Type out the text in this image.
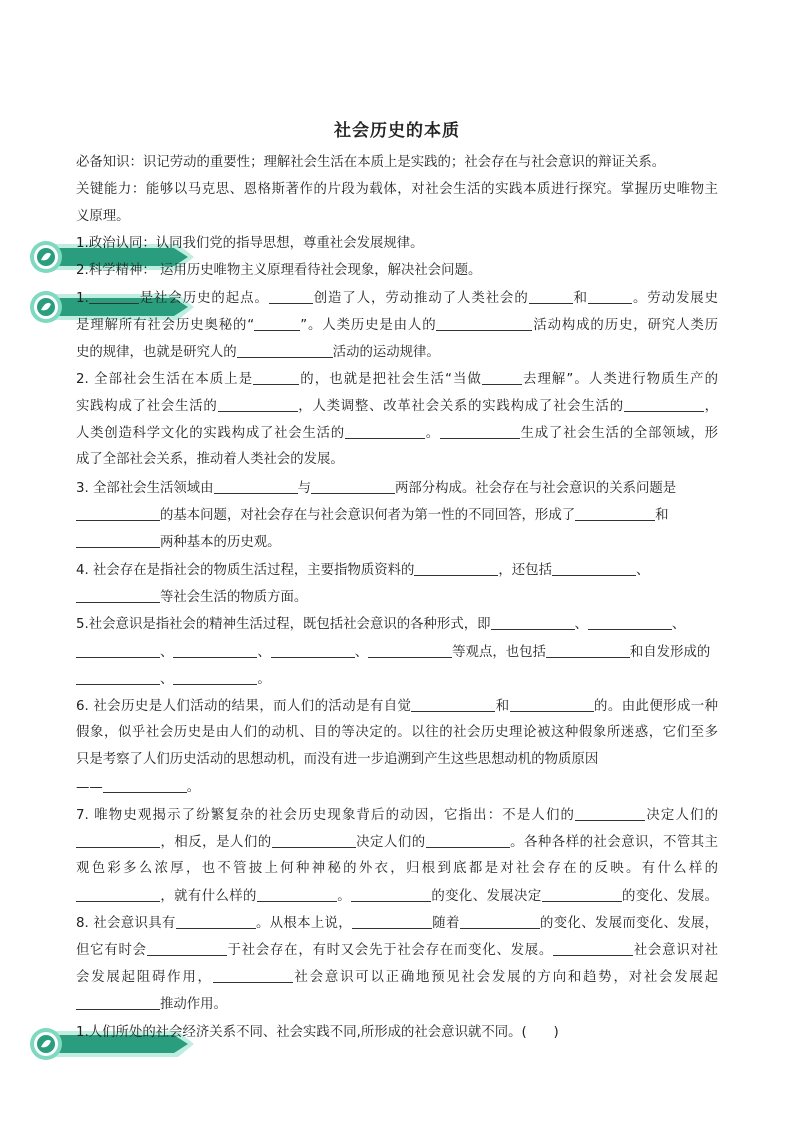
社会历史的本质
必备知识：识记劳动的重要性；理解社会生活在本质上是实践的；社会存在与社会意识的辩证关系。
关键能力：能够以马克思、恩格斯著作的片段为载体，对社会生活的实践本质进行探究。掌握历史唯物主
义原理。
1.政治认同：认同我们党的指导思想，尊重社会发展规律。
2.科学精神： 运用历史唯物主义原理看待社会现象，解决社会问题。
1.	是社会历史的起点。	创造了人，劳动推动了人类社会的	和	。劳动发展史
是理解所有社会历史奥秘的“	”。人类历史是由人的	活动构成的历史，研究人类历
史的规律，也就是研究人的	活动的运动规律。
2. 全部社会生活在本质上是	的，也就是把社会生活“当做	去理解”。人类进行物质生产的
实践构成了社会生活的	，人类调整、改革社会关系的实践构成了社会生活的	，
人类创造科学文化的实践构成了社会生活的	。	生成了社会生活的全部领域，形
成了全部社会关系，推动着人类社会的发展。
3. 全部社会生活领域由	与	两部分构成。社会存在与社会意识的关系问题是
的基本问题，对社会存在与社会意识何者为第一性的不同回答，形成了	和
两种基本的历史观。
4. 社会存在是指社会的物质生活过程，主要指物质资料的	，还包括	、
等社会生活的物质方面。
5.社会意识是指社会的精神生活过程，既包括社会意识的各种形式，即	、	、
、	、	、	等观点，也包括	和自发形成的
、	。
6. 社会历史是人们活动的结果，而人们的活动是有自觉	和	的。由此便形成一种
假象，似乎社会历史是由人们的动机、目的等决定的。以往的社会历史理论被这种假象所迷惑，它们至多
只是考察了人们历史活动的思想动机，而没有进一步追溯到产生这些思想动机的物质原因
——	。
7. 唯物史观揭示了纷繁复杂的社会历史现象背后的动因，它指出：不是人们的	决定人们的
，相反，是人们的	决定人们的	。各种各样的社会意识，不管其主
观色彩多么浓厚，也不管披上何种神秘的外衣，归根到底都是对社会存在的反映。有什么样的
，就有什么样的	。	的变化、发展决定	的变化、发展。
8. 社会意识具有	。从根本上说，	随着	的变化、发展而变化、发展，
但它有时会	于社会存在，有时又会先于社会存在而变化、发展。	社会意识对社
会发展起阻碍作用，	社会意识可以正确地预见社会发展的方向和趋势，对社会发展起
推动作用。
1.人们所处的社会经济关系不同、社会实践不同,所形成的社会意识就不同。(　　)
